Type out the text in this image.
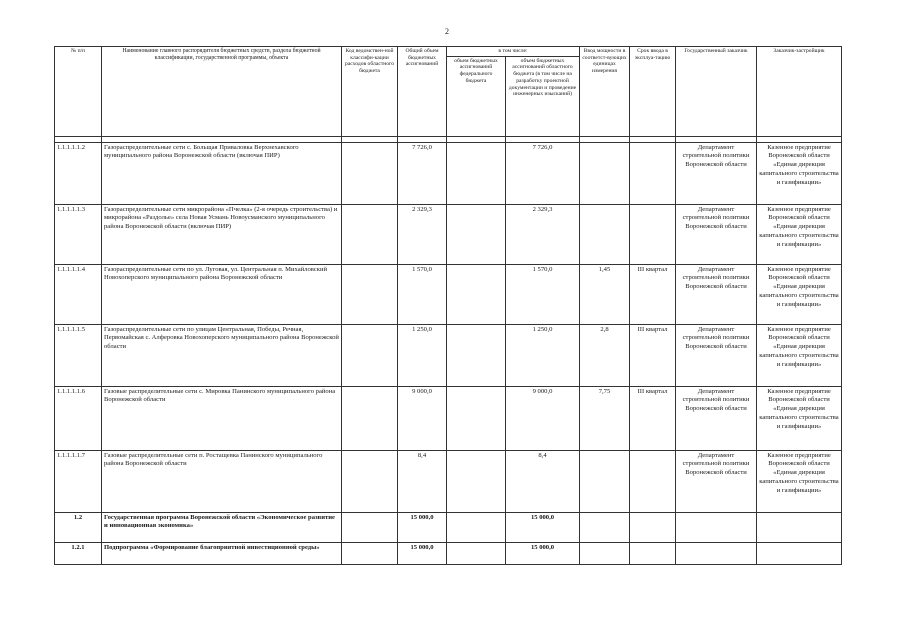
2
№ п/п	Наименование главного распорядителя бюджетных средств, раздела бюджетной классификации, государственной программы, объекта	Код ведомствен-ной классифи-кации расходов областного бюджета	Общий объем бюджетных ассигнований	в том числе:		Ввод мощности в соответст-вующих единицах измерения	Срок ввода в эксплуа-тацию	Государственный заказчик	Заказчик-застройщик
				объем бюджетных ассигнований федерального бюджета	объем бюджетных ассигнований областного бюджета (в том числе на разработку проектной документации и проведение инженерных изысканий)				

1.1.1.1.1.2	Газораспределительные сети с. Больщая Приваловка Верхнехавского муниципального района Воронежской области (включая ПИР)		7 726,0		7 726,0			Департамент строительной политики Воронежской области	Казенное предприятие Воронежской области «Единая дирекция капитального строительства и газификации»
1.1.1.1.1.3	Газораспределительные сети микрорайона «Пчелка» (2-я очередь строительства) и микрорайона «Раздолье» села Новая Усмань Новоусманского муниципального района Воронежской области (включая ПИР)		2 329,3		2 329,3			Департамент строительной политики Воронежской области	Казенное предприятие Воронежской области «Единая дирекция капитального строительства и газификации»
1.1.1.1.1.4	Газораспределительные сети по ул. Луговая, ул. Центральная п. Михайловский Новохоперского муниципального района Воронежской области		1 570,0		1 570,0	1,45	III квартал	Департамент строительной политики Воронежской области	Казенное предприятие Воронежской области «Единая дирекция капитального строительства и газификации»
1.1.1.1.1.5	Газораспределительные сети по улицам Центральная, Победы, Речная, Первомайская с. Алферовка Новохоперского муниципального района Воронежской области		1 250,0		1 250,0	2,8	III квартал	Департамент строительной политики Воронежской области	Казенное предприятие Воронежской области «Единая дирекция капитального строительства и газификации»
1.1.1.1.1.6	Газовые распределительные сети с. Мировка Панинского муниципального района Воронежской области		9 000,0		9 000,0	7,75	III квартал	Департамент строительной политики Воронежской области	Казенное предприятие Воронежской области «Единая дирекция капитального строительства и газификации»
1.1.1.1.1.7	Газовые распределительные сети п. Ростащевка Панинского муниципального района Воронежской области		8,4		8,4			Департамент строительной политики Воронежской области	Казенное предприятие Воронежской области «Единая дирекция капитального строительства и газификации»
1.2	Государственная программа Воронежской области «Экономическое развитие и инновационная экономика»		15 000,0		15 000,0				
1.2.1	Подпрограмма «Формирование благоприятной инвестиционной среды»		15 000,0		15 000,0				
